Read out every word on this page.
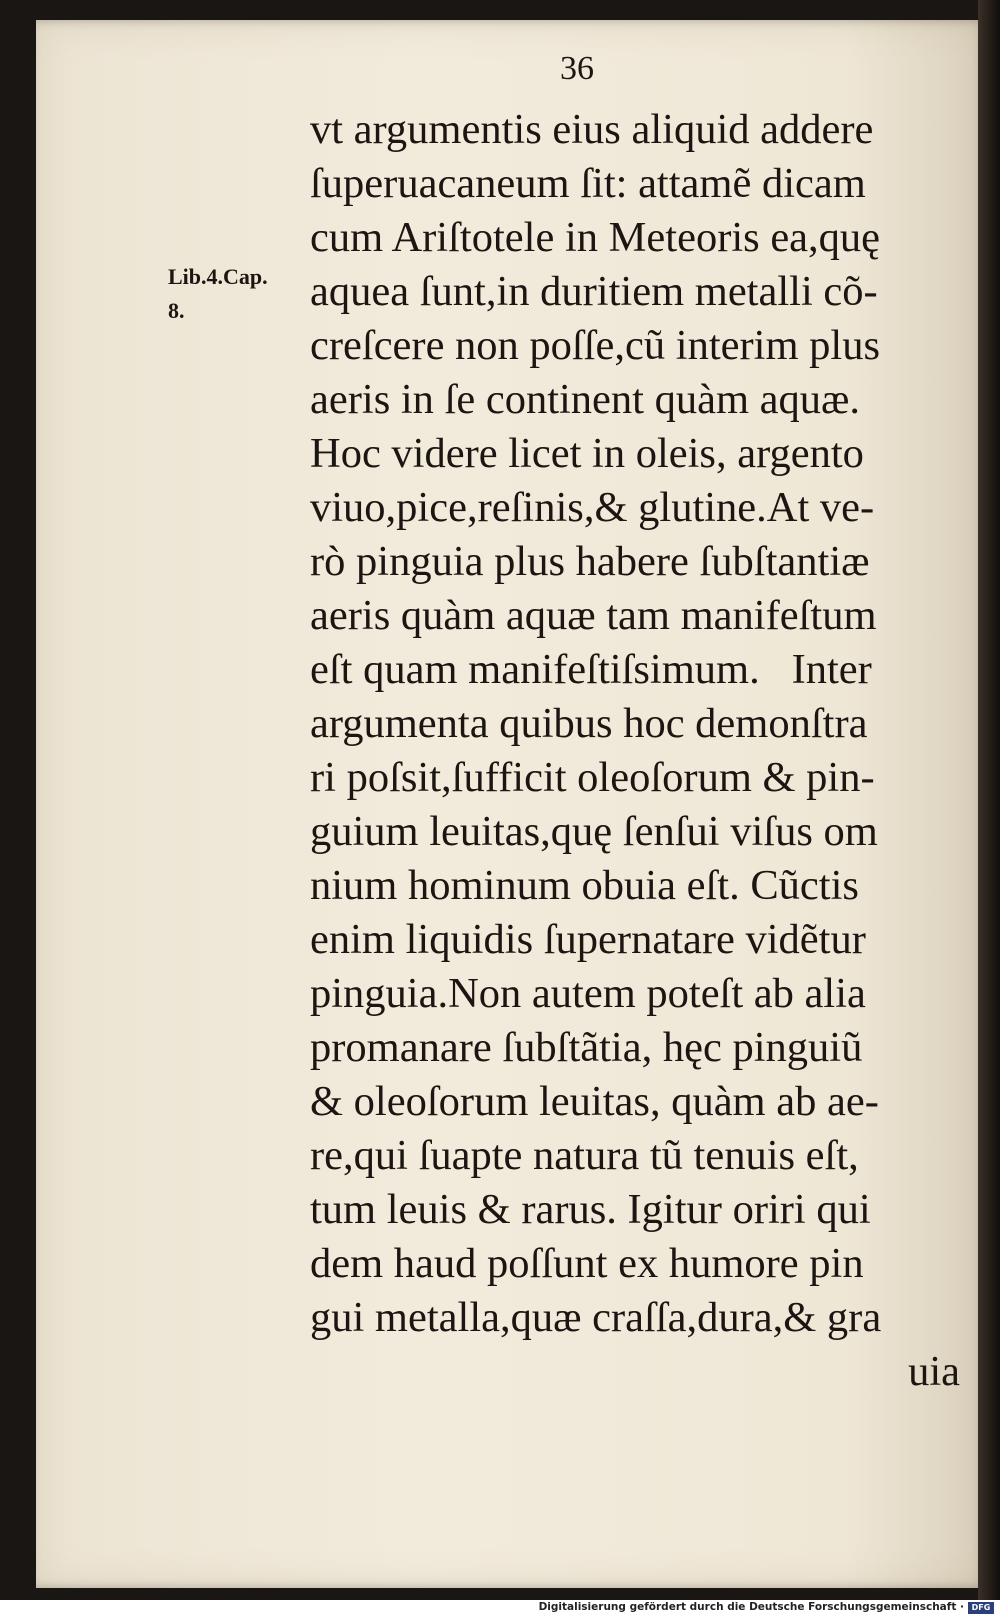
36
Lib.4.Cap.
8.
vt argumentis eius aliquid addere
ſuperuacaneum ſit: attamẽ dicam
cum Ariſtotele in Meteoris ea,quę
aquea ſunt,in duritiem metalli cõ-
creſcere non poſſe,cũ interim plus
aeris in ſe continent quàm aquæ.
Hoc videre licet in oleis, argento
viuo,pice,reſinis,& glutine.At ve-
rò pinguia plus habere ſubſtantiæ
aeris quàm aquæ tam manifeſtum
eſt quam manifeſtiſsimum.   Inter
argumenta quibus hoc demonſtra
ri poſsit,ſufficit oleoſorum & pin-
guium leuitas,quę ſenſui viſus om
nium hominum obuia eſt. Cũctis
enim liquidis ſupernatare vidẽtur
pinguia.Non autem poteſt ab alia
promanare ſubſtãtia, hęc pinguiũ
& oleoſorum leuitas, quàm ab ae-
re,qui ſuapte natura tũ tenuis eſt,
tum leuis & rarus. Igitur oriri qui
dem haud poſſunt ex humore pin
gui metalla,quæ craſſa,dura,& gra
uia
Digitalisierung gefördert durch die Deutsche Forschungsgemeinschaft · DFG
